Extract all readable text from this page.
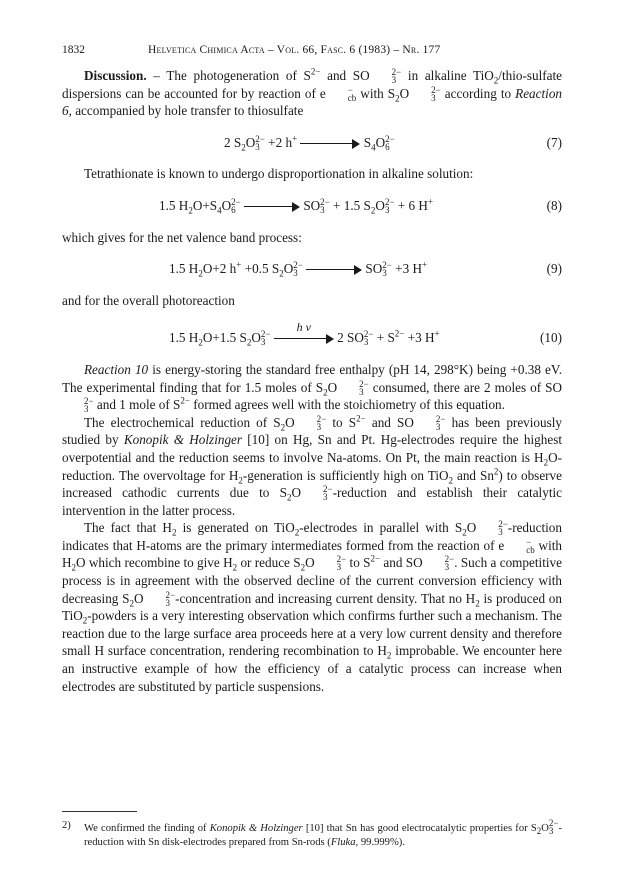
1832	Helvetica Chimica Acta – Vol. 66, Fasc. 6 (1983) – Nr. 177

Discussion. – The photogeneration of $S^{2-}$ and SO	2−
3 in alkaline TiO$_2$/thio-sulfate dispersions can be accounted for by reaction of e	−
cb with $S_2O$	2−
3 according to Reaction 6, accompanied by hole transfer to thiosulfate

2 $S_2O$ 2−
3 +2 h+	$S_4O$ 2−
6	(7)

Tetrathionate is known to undergo disproportionation in alkaline solution:

1.5 $H_2O+S_4O$ 2−
6
	SO 2−
3 + 1.5 $S_2O$ 2−
3 + 6 H+	(8)

which gives for the net valence band process:

1.5 $H_2O+2$ h+ +0.5 $S_2O$ 2−
3
	SO 2−
3 +3 H+	(9)

and for the overall photoreaction

1.5 $H_2O+1.5$ $S_2O$ 2−
3

h v
2 SO 2−
$3 + S^{2-} +3$ H+	(10)

Reaction 10 is energy-storing the standard free enthalpy (pH 14, 298°K) being +0.38 eV. The experimental finding that for 1.5 moles of $S_2O$	2−
3 consumed, there are 2 moles of SO
2−
3 and 1 mole of $S^{2-}$ formed agrees well with the stoichiometry of this equation.

The electrochemical reduction of $S_2O$	2−
3 to $S^{2-}$ and SO	2−
3 has been previously studied by Konopik & Holzinger [10] on Hg, Sn and Pt. Hg-electrodes require the highest overpotential and the reduction seems to involve Na-atoms. On Pt, the main reaction is $H_2O$-reduction. The overvoltage for $H_2$-generation is sufficiently high on TiO$_2$ and Sn$^2$) to observe increased cathodic currents due to $S_2O$	2−
3 -reduction and establish their catalytic intervention in the latter process.

The fact that $H_2$ is generated on TiO$_2$-electrodes in parallel with $S_2O$	2−
3 -reduction indicates that H-atoms are the primary intermediates formed from the reaction of e	−
cb with $H_2O$ which recombine to give $H_2$ or reduce $S_2O$	2−
3 to $S^{2-}$ and SO	2−
3 . Such a competitive process is in agreement with the observed decline of the current conversion efficiency with decreasing $S_2O$	2−
3 -concentration and increasing current density. That no $H_2$ is produced on TiO$_2$-powders is a very interesting observation which confirms further such a mechanism. The reaction due to the large surface area proceeds here at a very low current density and therefore small H surface concentration, rendering recombination to $H_2$ improbable. We encounter here an instructive example of how the efficiency of a catalytic process can increase when electrodes are substituted by particle suspensions.

2) We confirmed the finding of Konopik & Holzinger [10] that Sn has good electrocatalytic properties for $S_2O$ 2−
3 -reduction with Sn disk-electrodes prepared from Sn-rods (Fluka, 99.999%).
